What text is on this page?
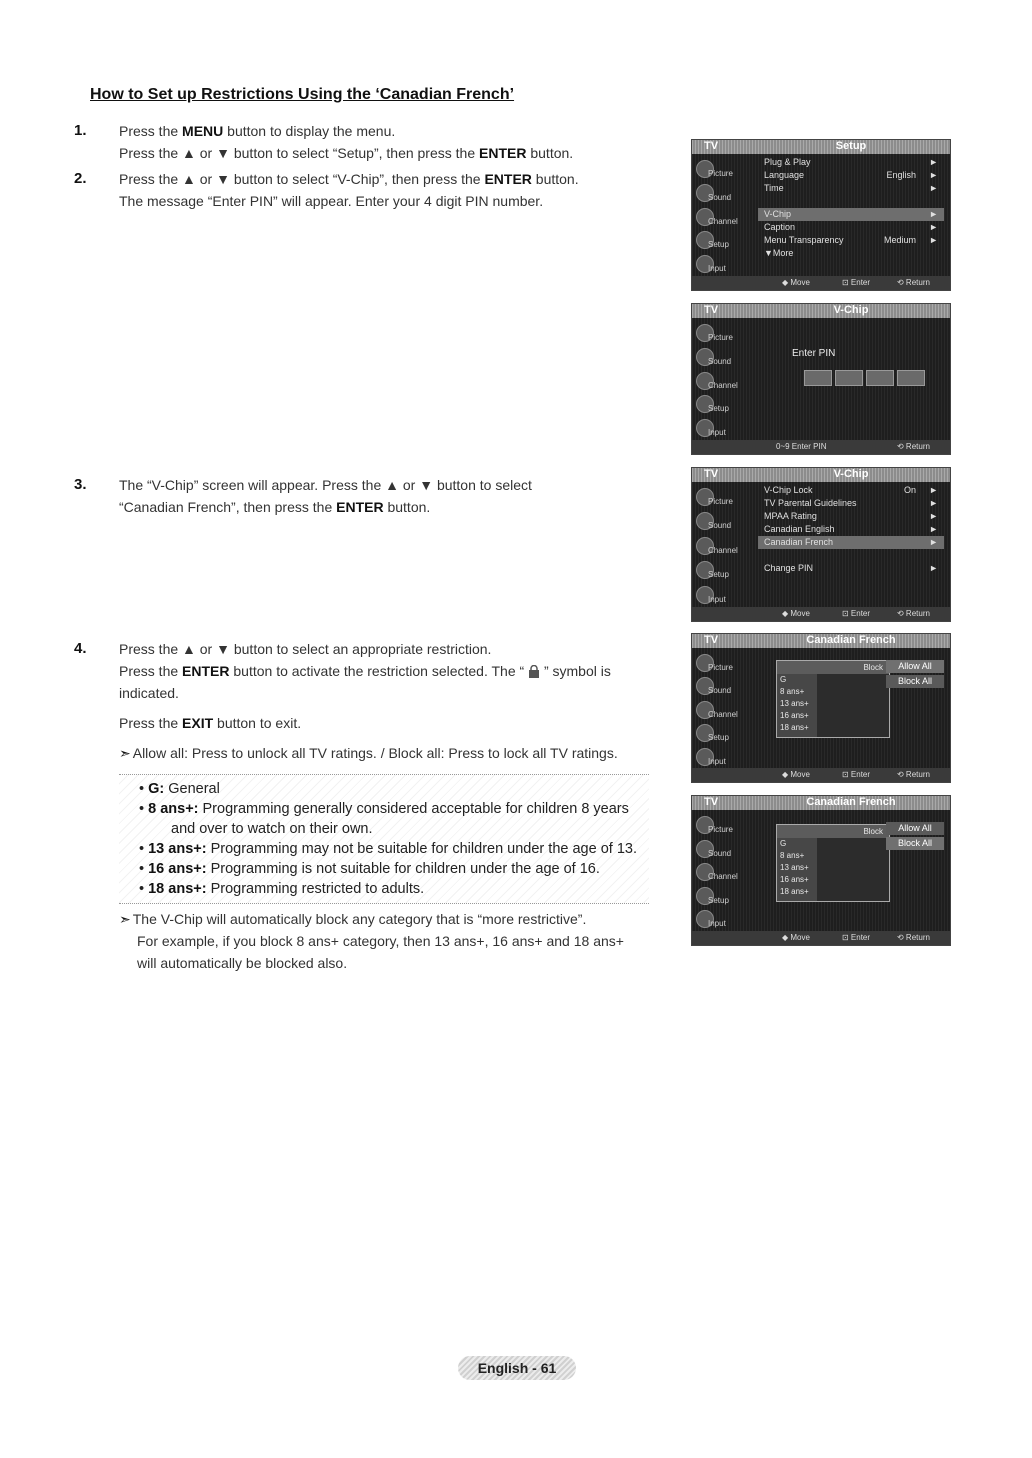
How to Set up Restrictions Using the ‘Canadian French’
1. Press the MENU button to display the menu.

Press the ▲ or ▼ button to select “Setup”, then press the ENTER button.

2. Press the ▲ or ▼ button to select “V-Chip”, then press the ENTER button.

The message “Enter PIN” will appear. Enter your 4 digit PIN number.

3. The “V-Chip” screen will appear. Press the ▲ or ▼ button to select

“Canadian French”, then press the ENTER button.

4. Press the ▲ or ▼ button to select an appropriate restriction.

Press the ENTER button to activate the restriction selected. The “  ” symbol is

indicated.

Press the EXIT button to exit.

➣ Allow all: Press to unlock all TV ratings. / Block all: Press to lock all TV ratings.

• G: General
• 8 ans+: Programming generally considered acceptable for children 8 years
and over to watch on their own.
• 13 ans+: Programming may not be suitable for children under the age of 13.
• 16 ans+: Programming is not suitable for children under the age of 16.
• 18 ans+: Programming restricted to adults.

➣ The V-Chip will automatically block any category that is “more restrictive”.

For example, if you block 8 ans+ category, then 13 ans+, 16 ans+ and 18 ans+

will automatically be blocked also.

TV	Setup
Picture
Sound
Channel
Setup
Input
Plug & Play	►
Language	English ►
Time	►
V-Chip	►
Caption	►
Menu Transparency	Medium ►
▼More
◆ Move	⊡ Enter	⟲ Return
TV	V-Chip
Picture
Sound
Channel
Setup
Input
Enter PIN
0~9 Enter PIN	⟲ Return
TV	V-Chip
Picture
Sound
Channel
Setup
Input
V-Chip Lock	On ►
TV Parental Guidelines	►
MPAA Rating	►
Canadian English	►
Canadian French	►
Change PIN	►
◆ Move	⊡ Enter	⟲ Return
TV	Canadian French
Picture
Sound
Channel
Setup
Input
Block
G
8 ans+
13 ans+
16 ans+
18 ans+
Allow All
Block All
◆ Move	⊡ Enter	⟲ Return
TV	Canadian French
Picture
Sound
Channel
Setup
Input
Block
G
8 ans+
13 ans+
16 ans+
18 ans+
Allow All
Block All
◆ Move	⊡ Enter	⟲ Return
English - 61
